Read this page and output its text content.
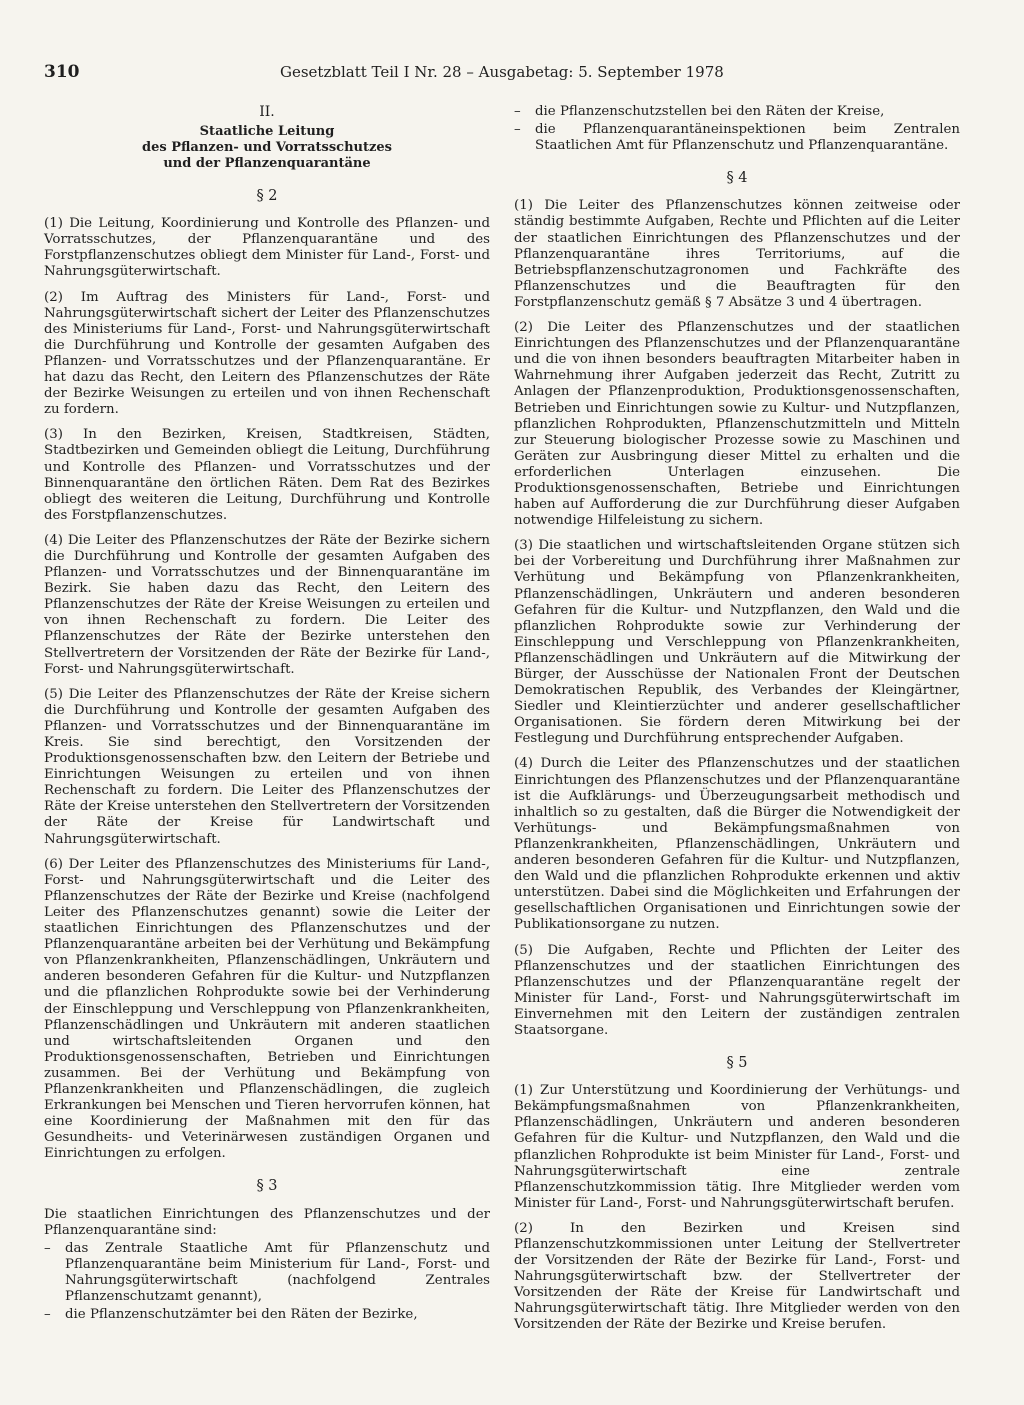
310	Gesetzblatt Teil I Nr. 28 – Ausgabetag: 5. September 1978
II.
Staatliche Leitung
des Pflanzen- und Vorratsschutzes
und der Pflanzenquarantäne
§ 2

(1) Die Leitung, Koordinierung und Kontrolle des Pflanzen- und Vorratsschutzes, der Pflanzenquarantäne und des Forstpflanzenschutzes obliegt dem Minister für Land-, Forst- und Nahrungsgüterwirtschaft.

(2) Im Auftrag des Ministers für Land-, Forst- und Nahrungsgüterwirtschaft sichert der Leiter des Pflanzenschutzes des Ministeriums für Land-, Forst- und Nahrungsgüterwirtschaft die Durchführung und Kontrolle der gesamten Aufgaben des Pflanzen- und Vorratsschutzes und der Pflanzenquarantäne. Er hat dazu das Recht, den Leitern des Pflanzenschutzes der Räte der Bezirke Weisungen zu erteilen und von ihnen Rechenschaft zu fordern.

(3) In den Bezirken, Kreisen, Stadtkreisen, Städten, Stadtbezirken und Gemeinden obliegt die Leitung, Durchführung und Kontrolle des Pflanzen- und Vorratsschutzes und der Binnenquarantäne den örtlichen Räten. Dem Rat des Bezirkes obliegt des weiteren die Leitung, Durchführung und Kontrolle des Forstpflanzenschutzes.

(4) Die Leiter des Pflanzenschutzes der Räte der Bezirke sichern die Durchführung und Kontrolle der gesamten Aufgaben des Pflanzen- und Vorratsschutzes und der Binnenquarantäne im Bezirk. Sie haben dazu das Recht, den Leitern des Pflanzenschutzes der Räte der Kreise Weisungen zu erteilen und von ihnen Rechenschaft zu fordern. Die Leiter des Pflanzenschutzes der Räte der Bezirke unterstehen den Stellvertretern der Vorsitzenden der Räte der Bezirke für Land-, Forst- und Nahrungsgüterwirtschaft.

(5) Die Leiter des Pflanzenschutzes der Räte der Kreise sichern die Durchführung und Kontrolle der gesamten Aufgaben des Pflanzen- und Vorratsschutzes und der Binnenquarantäne im Kreis. Sie sind berechtigt, den Vorsitzenden der Produktionsgenossenschaften bzw. den Leitern der Betriebe und Einrichtungen Weisungen zu erteilen und von ihnen Rechenschaft zu fordern. Die Leiter des Pflanzenschutzes der Räte der Kreise unterstehen den Stellvertretern der Vorsitzenden der Räte der Kreise für Landwirtschaft und Nahrungsgüterwirtschaft.

(6) Der Leiter des Pflanzenschutzes des Ministeriums für Land-, Forst- und Nahrungsgüterwirtschaft und die Leiter des Pflanzenschutzes der Räte der Bezirke und Kreise (nachfolgend Leiter des Pflanzenschutzes genannt) sowie die Leiter der staatlichen Einrichtungen des Pflanzenschutzes und der Pflanzenquarantäne arbeiten bei der Verhütung und Bekämpfung von Pflanzenkrankheiten, Pflanzenschädlingen, Unkräutern und anderen besonderen Gefahren für die Kultur- und Nutzpflanzen und die pflanzlichen Rohprodukte sowie bei der Verhinderung der Einschleppung und Verschleppung von Pflanzenkrankheiten, Pflanzenschädlingen und Unkräutern mit anderen staatlichen und wirtschaftsleitenden Organen und den Produktionsgenossenschaften, Betrieben und Einrichtungen zusammen. Bei der Verhütung und Bekämpfung von Pflanzenkrankheiten und Pflanzenschädlingen, die zugleich Erkrankungen bei Menschen und Tieren hervorrufen können, hat eine Koordinierung der Maßnahmen mit den für das Gesundheits- und Veterinärwesen zuständigen Organen und Einrichtungen zu erfolgen.

§ 3

Die staatlichen Einrichtungen des Pflanzenschutzes und der Pflanzenquarantäne sind:

– das Zentrale Staatliche Amt für Pflanzenschutz und Pflanzenquarantäne beim Ministerium für Land-, Forst- und Nahrungsgüterwirtschaft (nachfolgend Zentrales Pflanzenschutzamt genannt),
– die Pflanzenschutzämter bei den Räten der Bezirke,
– die Pflanzenschutzstellen bei den Räten der Kreise,
– die Pflanzenquarantäneinspektionen beim Zentralen Staatlichen Amt für Pflanzenschutz und Pflanzenquarantäne.
§ 4

(1) Die Leiter des Pflanzenschutzes können zeitweise oder ständig bestimmte Aufgaben, Rechte und Pflichten auf die Leiter der staatlichen Einrichtungen des Pflanzenschutzes und der Pflanzenquarantäne ihres Territoriums, auf die Betriebspflanzenschutzagronomen und Fachkräfte des Pflanzenschutzes und die Beauftragten für den Forstpflanzenschutz gemäß § 7 Absätze 3 und 4 übertragen.

(2) Die Leiter des Pflanzenschutzes und der staatlichen Einrichtungen des Pflanzenschutzes und der Pflanzenquarantäne und die von ihnen besonders beauftragten Mitarbeiter haben in Wahrnehmung ihrer Aufgaben jederzeit das Recht, Zutritt zu Anlagen der Pflanzenproduktion, Produktionsgenossenschaften, Betrieben und Einrichtungen sowie zu Kultur- und Nutzpflanzen, pflanzlichen Rohprodukten, Pflanzenschutzmitteln und Mitteln zur Steuerung biologischer Prozesse sowie zu Maschinen und Geräten zur Ausbringung dieser Mittel zu erhalten und die erforderlichen Unterlagen einzusehen. Die Produktionsgenossenschaften, Betriebe und Einrichtungen haben auf Aufforderung die zur Durchführung dieser Aufgaben notwendige Hilfeleistung zu sichern.

(3) Die staatlichen und wirtschaftsleitenden Organe stützen sich bei der Vorbereitung und Durchführung ihrer Maßnahmen zur Verhütung und Bekämpfung von Pflanzenkrankheiten, Pflanzenschädlingen, Unkräutern und anderen besonderen Gefahren für die Kultur- und Nutzpflanzen, den Wald und die pflanzlichen Rohprodukte sowie zur Verhinderung der Einschleppung und Verschleppung von Pflanzenkrankheiten, Pflanzenschädlingen und Unkräutern auf die Mitwirkung der Bürger, der Ausschüsse der Nationalen Front der Deutschen Demokratischen Republik, des Verbandes der Kleingärtner, Siedler und Kleintierzüchter und anderer gesellschaftlicher Organisationen. Sie fördern deren Mitwirkung bei der Festlegung und Durchführung entsprechender Aufgaben.

(4) Durch die Leiter des Pflanzenschutzes und der staatlichen Einrichtungen des Pflanzenschutzes und der Pflanzenquarantäne ist die Aufklärungs- und Überzeugungsarbeit methodisch und inhaltlich so zu gestalten, daß die Bürger die Notwendigkeit der Verhütungs- und Bekämpfungsmaßnahmen von Pflanzenkrankheiten, Pflanzenschädlingen, Unkräutern und anderen besonderen Gefahren für die Kultur- und Nutzpflanzen, den Wald und die pflanzlichen Rohprodukte erkennen und aktiv unterstützen. Dabei sind die Möglichkeiten und Erfahrungen der gesellschaftlichen Organisationen und Einrichtungen sowie der Publikationsorgane zu nutzen.

(5) Die Aufgaben, Rechte und Pflichten der Leiter des Pflanzenschutzes und der staatlichen Einrichtungen des Pflanzenschutzes und der Pflanzenquarantäne regelt der Minister für Land-, Forst- und Nahrungsgüterwirtschaft im Einvernehmen mit den Leitern der zuständigen zentralen Staatsorgane.

§ 5

(1) Zur Unterstützung und Koordinierung der Verhütungs- und Bekämpfungsmaßnahmen von Pflanzenkrankheiten, Pflanzenschädlingen, Unkräutern und anderen besonderen Gefahren für die Kultur- und Nutzpflanzen, den Wald und die pflanzlichen Rohprodukte ist beim Minister für Land-, Forst- und Nahrungsgüterwirtschaft eine zentrale Pflanzenschutzkommission tätig. Ihre Mitglieder werden vom Minister für Land-, Forst- und Nahrungsgüterwirtschaft berufen.

(2) In den Bezirken und Kreisen sind Pflanzenschutzkommissionen unter Leitung der Stellvertreter der Vorsitzenden der Räte der Bezirke für Land-, Forst- und Nahrungsgüterwirtschaft bzw. der Stellvertreter der Vorsitzenden der Räte der Kreise für Landwirtschaft und Nahrungsgüterwirtschaft tätig. Ihre Mitglieder werden von den Vorsitzenden der Räte der Bezirke und Kreise berufen.
